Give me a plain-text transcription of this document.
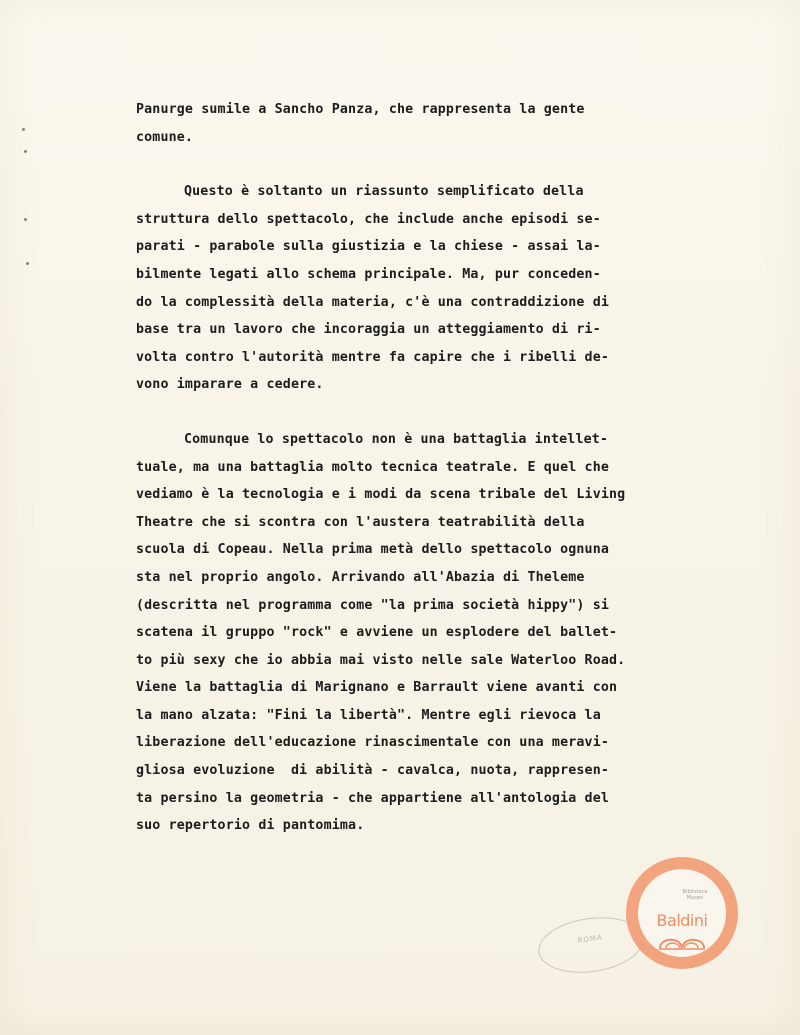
Panurge sumile a Sancho Panza, che rappresenta la gente
comune.
Questo è soltanto un riassunto semplificato della
struttura dello spettacolo, che include anche episodi se-
parati - parabole sulla giustizia e la chiese - assai la-
bilmente legati allo schema principale. Ma, pur conceden-
do la complessità della materia, c'è una contraddizione di
base tra un lavoro che incoraggia un atteggiamento di ri-
volta contro l'autorità mentre fa capire che i ribelli de-
vono imparare a cedere.
Comunque lo spettacolo non è una battaglia intellet-
tuale, ma una battaglia molto tecnica teatrale. E quel che
vediamo è la tecnologia e i modi da scena tribale del Living
Theatre che si scontra con l'austera teatrabilità della
scuola di Copeau. Nella prima metà dello spettacolo ognuna
sta nel proprio angolo. Arrivando all'Abazia di Theleme
(descritta nel programma come "la prima società hippy") si
scatena il gruppo "rock" e avviene un esplodere del ballet-
to più sexy che io abbia mai visto nelle sale Waterloo Road.
Viene la battaglia di Marignano e Barrault viene avanti con
la mano alzata: "Fini la libertà". Mentre egli rievoca la
liberazione dell'educazione rinascimentale con una meravi-
gliosa evoluzione  di abilità - cavalca, nuota, rappresen-
ta persino la geometria - che appartiene all'antologia del
suo repertorio di pantomima.
ROMA
Biblioteca Museo
Baldini
